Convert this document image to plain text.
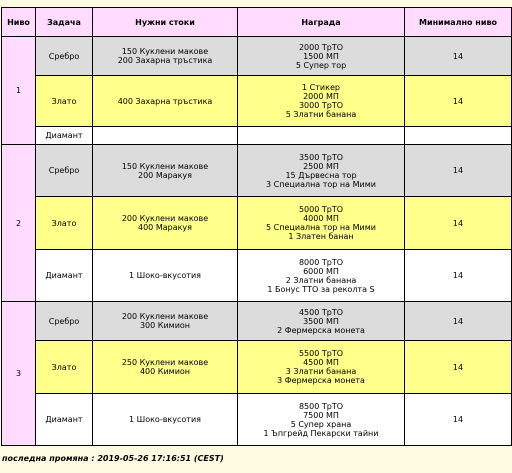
Ниво	Задача	Нужни стоки	Награда	Минимално ниво
1	Сребро	150 Куклени макове
200 Захарна тръстика	2000 ТрТО
1500 МП
5 Супер тор	14
	Злато	400 Захарна тръстика	1 Стикер
2000 МП
3000 ТрТО
5 Златни банана	14
	Диамант			
2	Сребро	150 Куклени макове
200 Маракуя	3500 ТрТО
2500 МП
15 Дървесна тор
3 Специална тор на Мими	14
	Злато	200 Куклени макове
400 Маракуя	5000 ТрТО
4000 МП
5 Специална тор на Мими
1 Златен банан	14
	Диамант	1 Шоко-вкусотия	8000 ТрТО
6000 МП
2 Златни банана
1 Бонус ТТО за реколта S	14
3	Сребро	200 Куклени макове
300 Кимион	4500 ТрТО
3500 МП
2 Фермерска монета	14
	Злато	250 Куклени макове
400 Кимион	5500 ТрТО
4500 МП
3 Златни банана
3 Фермерска монета	14
	Диамант	1 Шоко-вкусотия	8500 ТрТО
7500 МП
5 Супер храна
1 Ъпгрейд Пекарски тайни	14
последна промяна : 2019-05-26 17:16:51 (CEST)
